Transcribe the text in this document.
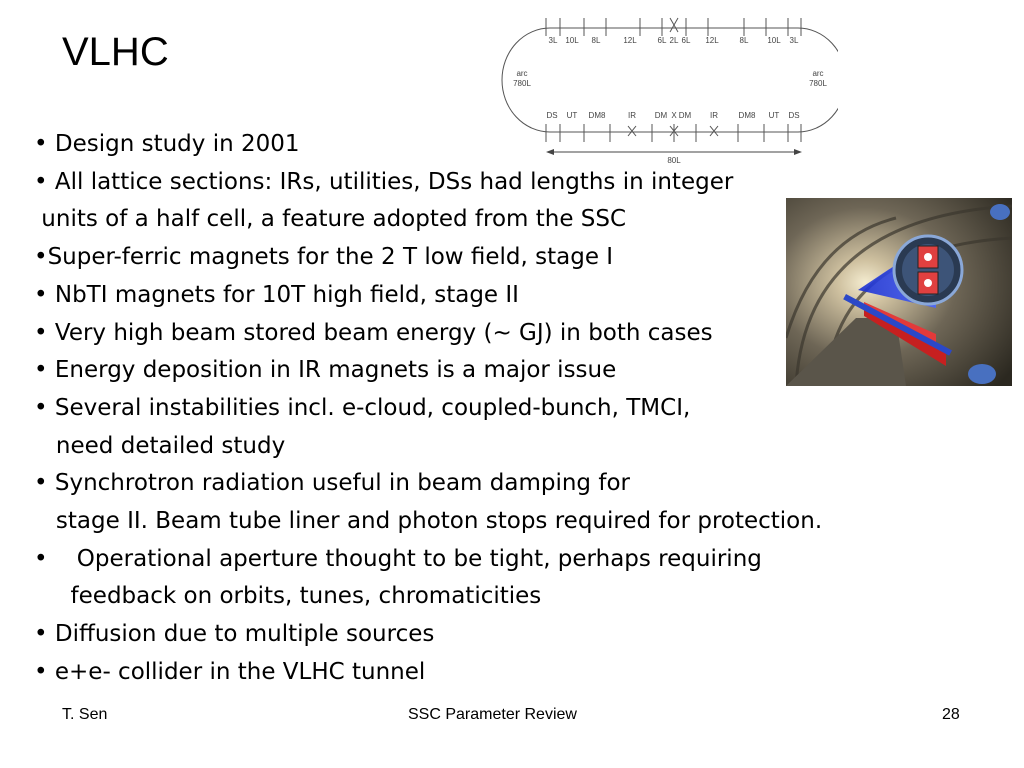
VLHC	3L 10L 8L	12L	6L 2L 6L 12L	8L 10L 3L
DS UT DM8	IR DM X DM IR	DM8 UT DS
arc
780L
arc
780L
80L
• Design study in 2001
• All lattice sections: IRs, utilities, DSs had lengths in integer
units of a half cell, a feature adopted from the SSC
•Super-ferric magnets for the 2 T low field, stage I
• NbTI magnets for 10T high field, stage II
• Very high beam stored beam energy (~ GJ) in both cases
• Energy deposition in IR magnets is a major issue
• Several instabilities incl. e-cloud, coupled-bunch, TMCI,
need detailed study
• Synchrotron radiation useful in beam damping for
stage II. Beam tube liner and photon stops required for protection.
•    Operational aperture thought to be tight, perhaps requiring
feedback on orbits, tunes, chromaticities
• Diffusion due to multiple sources
• e+e- collider in the VLHC tunnel
T. Sen	SSC Parameter Review	28
